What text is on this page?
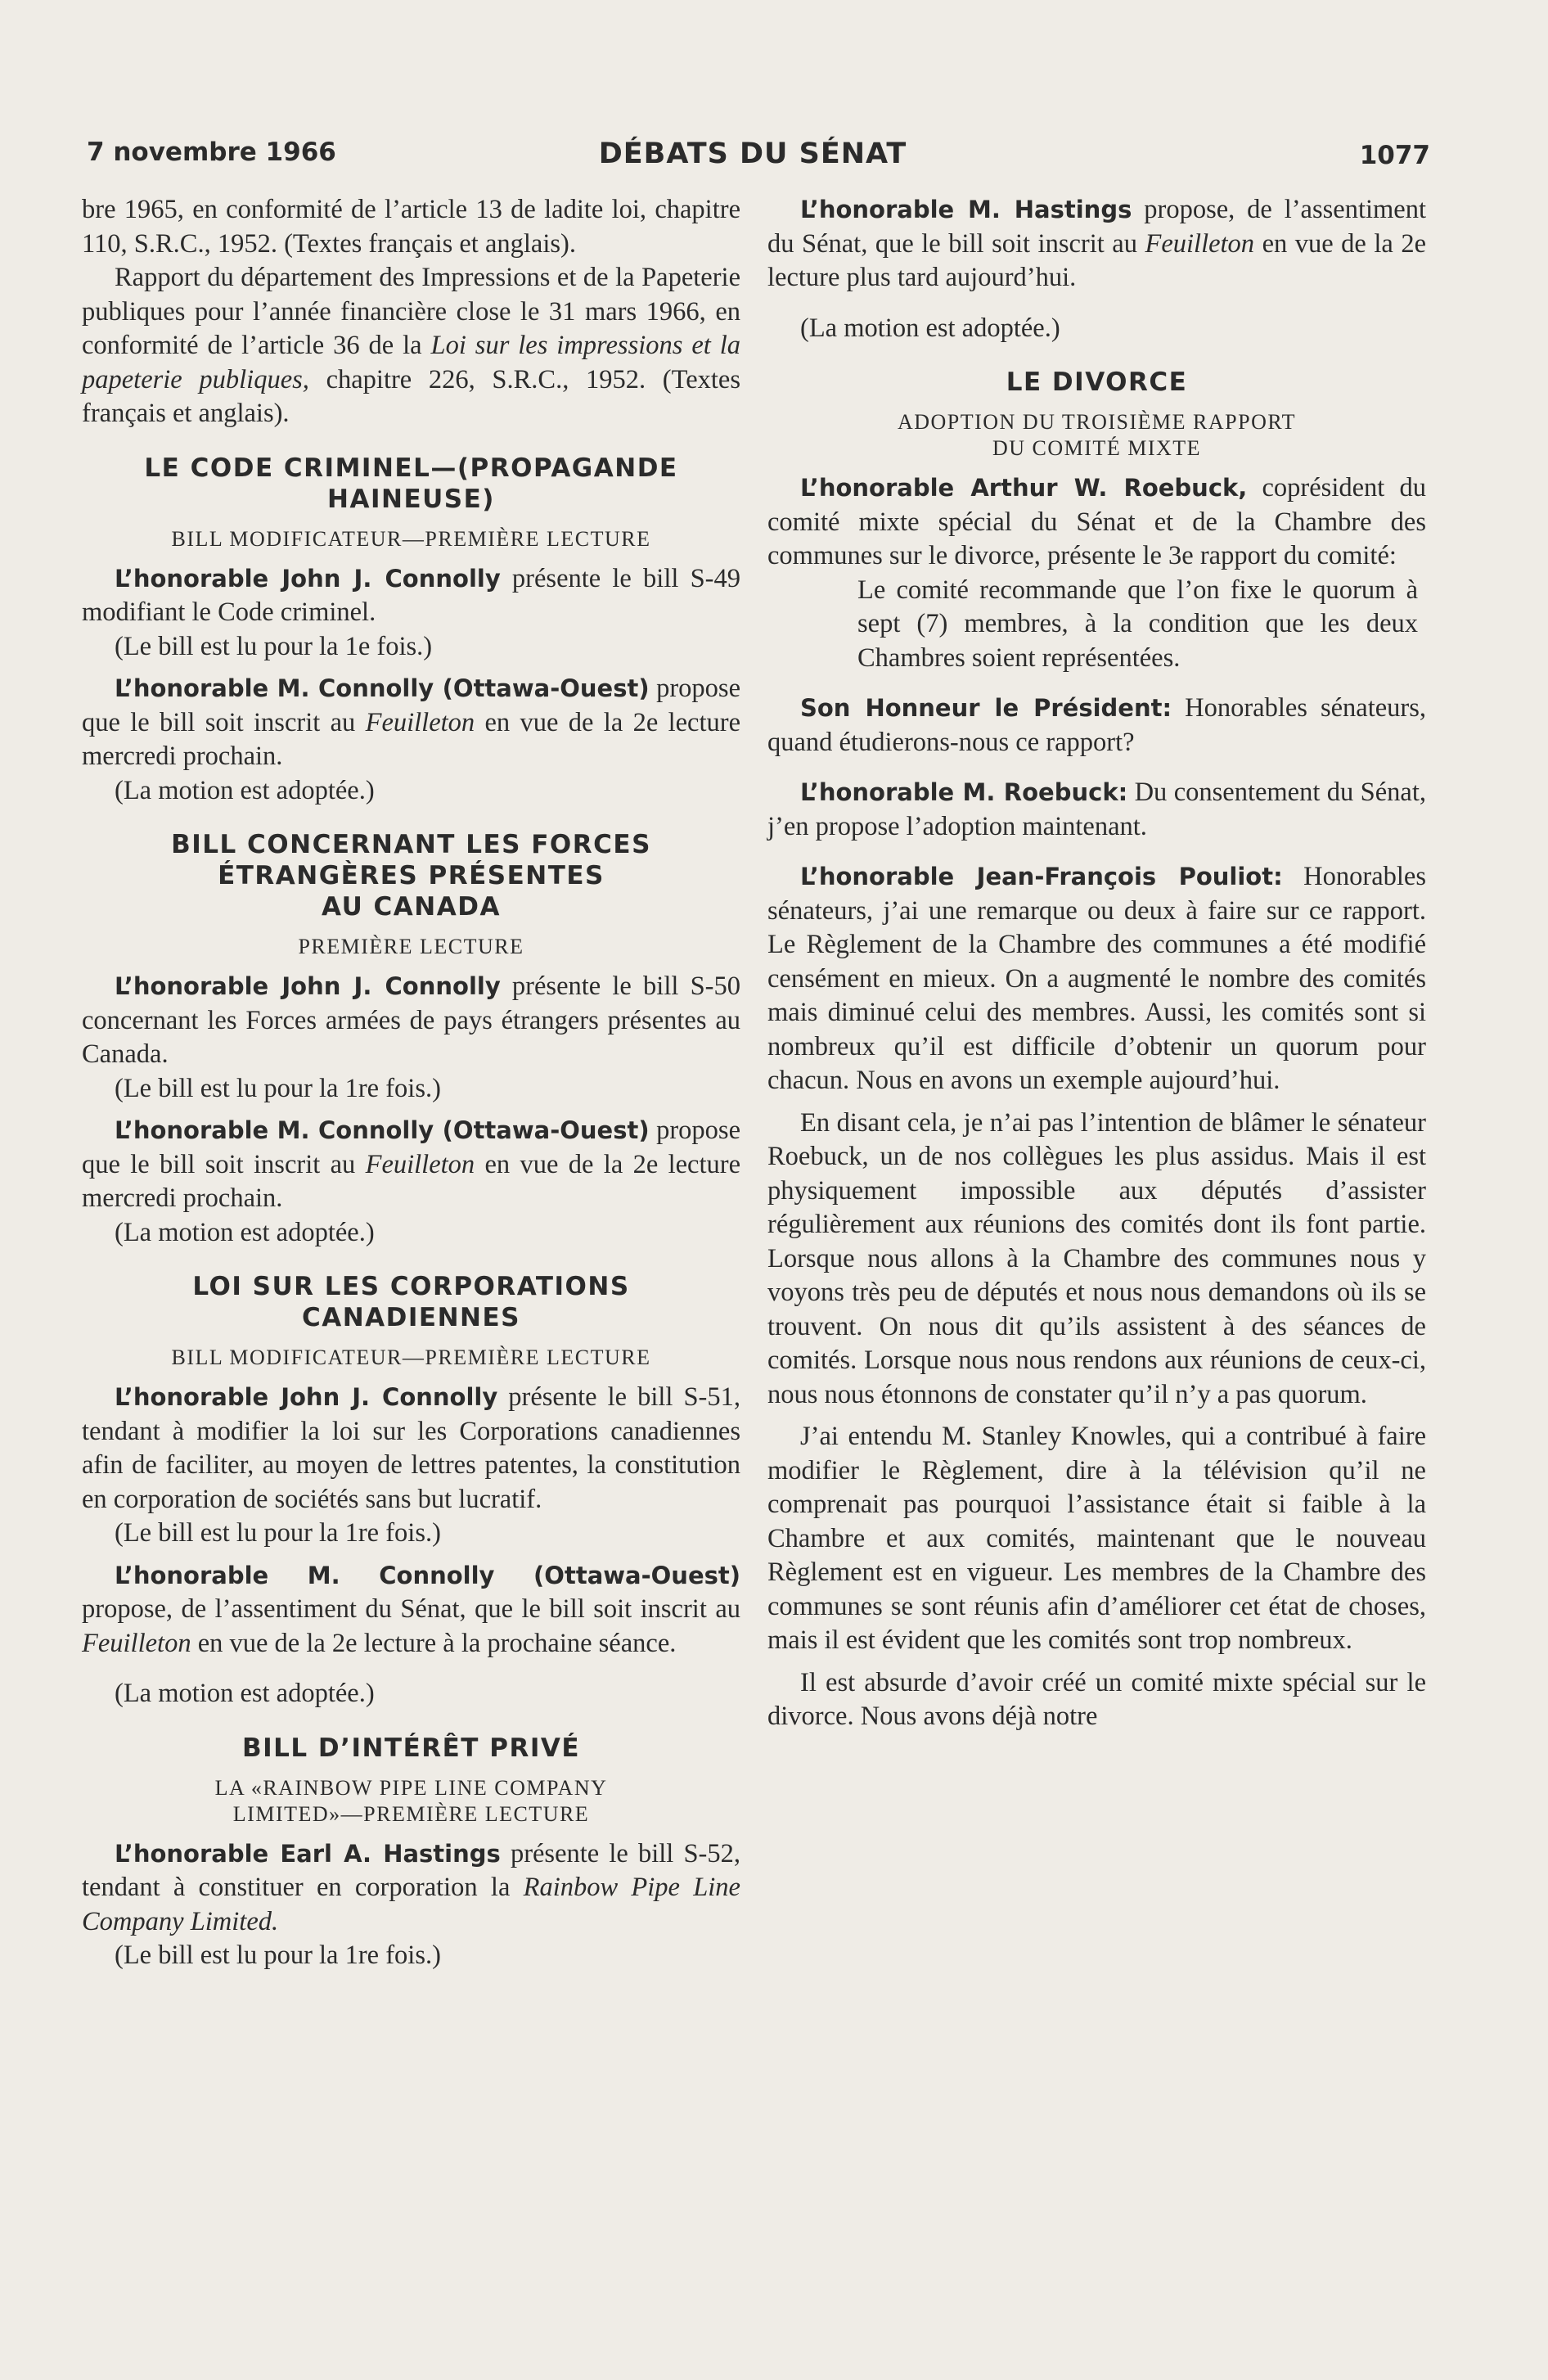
7 novembre 1966	DÉBATS DU SÉNAT	1077

bre 1965, en conformité de l’article 13 de ladite loi, chapitre 110, S.R.C., 1952. (Textes français et anglais).

Rapport du département des Impressions et de la Papeterie publiques pour l’année financière close le 31 mars 1966, en conformité de l’article 36 de la Loi sur les impressions et la papeterie publiques, chapitre 226, S.R.C., 1952. (Textes français et anglais).

LE CODE CRIMINEL—(PROPAGANDE
HAINEUSE)
BILL MODIFICATEUR—PREMIÈRE LECTURE

L’honorable John J. Connolly présente le bill S-49 modifiant le Code criminel.

(Le bill est lu pour la 1e fois.)

L’honorable M. Connolly (Ottawa-Ouest) propose que le bill soit inscrit au Feuilleton en vue de la 2e lecture mercredi prochain.

(La motion est adoptée.)

BILL CONCERNANT LES FORCES
ÉTRANGÈRES PRÉSENTES
AU CANADA
PREMIÈRE LECTURE

L’honorable John J. Connolly présente le bill S-50 concernant les Forces armées de pays étrangers présentes au Canada.

(Le bill est lu pour la 1re fois.)

L’honorable M. Connolly (Ottawa-Ouest) propose que le bill soit inscrit au Feuilleton en vue de la 2e lecture mercredi prochain.

(La motion est adoptée.)

LOI SUR LES CORPORATIONS
CANADIENNES
BILL MODIFICATEUR—PREMIÈRE LECTURE

L’honorable John J. Connolly présente le bill S-51, tendant à modifier la loi sur les Corporations canadiennes afin de faciliter, au moyen de lettres patentes, la constitution en corporation de sociétés sans but lucratif.

(Le bill est lu pour la 1re fois.)

L’honorable M. Connolly (Ottawa-Ouest) propose, de l’assentiment du Sénat, que le bill soit inscrit au Feuilleton en vue de la 2e lecture à la prochaine séance.

(La motion est adoptée.)

BILL D’INTÉRÊT PRIVÉ
LA «RAINBOW PIPE LINE COMPANY
LIMITED»—PREMIÈRE LECTURE

L’honorable Earl A. Hastings présente le bill S-52, tendant à constituer en corporation la Rainbow Pipe Line Company Limited.

(Le bill est lu pour la 1re fois.)

L’honorable M. Hastings propose, de l’assentiment du Sénat, que le bill soit inscrit au Feuilleton en vue de la 2e lecture plus tard aujourd’hui.

(La motion est adoptée.)

LE DIVORCE
ADOPTION DU TROISIÈME RAPPORT
DU COMITÉ MIXTE

L’honorable Arthur W. Roebuck, coprésident du comité mixte spécial du Sénat et de la Chambre des communes sur le divorce, présente le 3e rapport du comité:

Le comité recommande que l’on fixe le quorum à sept (7) membres, à la condition que les deux Chambres soient représentées.

Son Honneur le Président: Honorables sénateurs, quand étudierons-nous ce rapport?

L’honorable M. Roebuck: Du consentement du Sénat, j’en propose l’adoption maintenant.

L’honorable Jean-François Pouliot: Honorables sénateurs, j’ai une remarque ou deux à faire sur ce rapport. Le Règlement de la Chambre des communes a été modifié censément en mieux. On a augmenté le nombre des comités mais diminué celui des membres. Aussi, les comités sont si nombreux qu’il est difficile d’obtenir un quorum pour chacun. Nous en avons un exemple aujourd’hui.

En disant cela, je n’ai pas l’intention de blâmer le sénateur Roebuck, un de nos collègues les plus assidus. Mais il est physiquement impossible aux députés d’assister régulièrement aux réunions des comités dont ils font partie. Lorsque nous allons à la Chambre des communes nous y voyons très peu de députés et nous nous demandons où ils se trouvent. On nous dit qu’ils assistent à des séances de comités. Lorsque nous nous rendons aux réunions de ceux-ci, nous nous étonnons de constater qu’il n’y a pas quorum.

J’ai entendu M. Stanley Knowles, qui a contribué à faire modifier le Règlement, dire à la télévision qu’il ne comprenait pas pourquoi l’assistance était si faible à la Chambre et aux comités, maintenant que le nouveau Règlement est en vigueur. Les membres de la Chambre des communes se sont réunis afin d’améliorer cet état de choses, mais il est évident que les comités sont trop nombreux.

Il est absurde d’avoir créé un comité mixte spécial sur le divorce. Nous avons déjà notre
